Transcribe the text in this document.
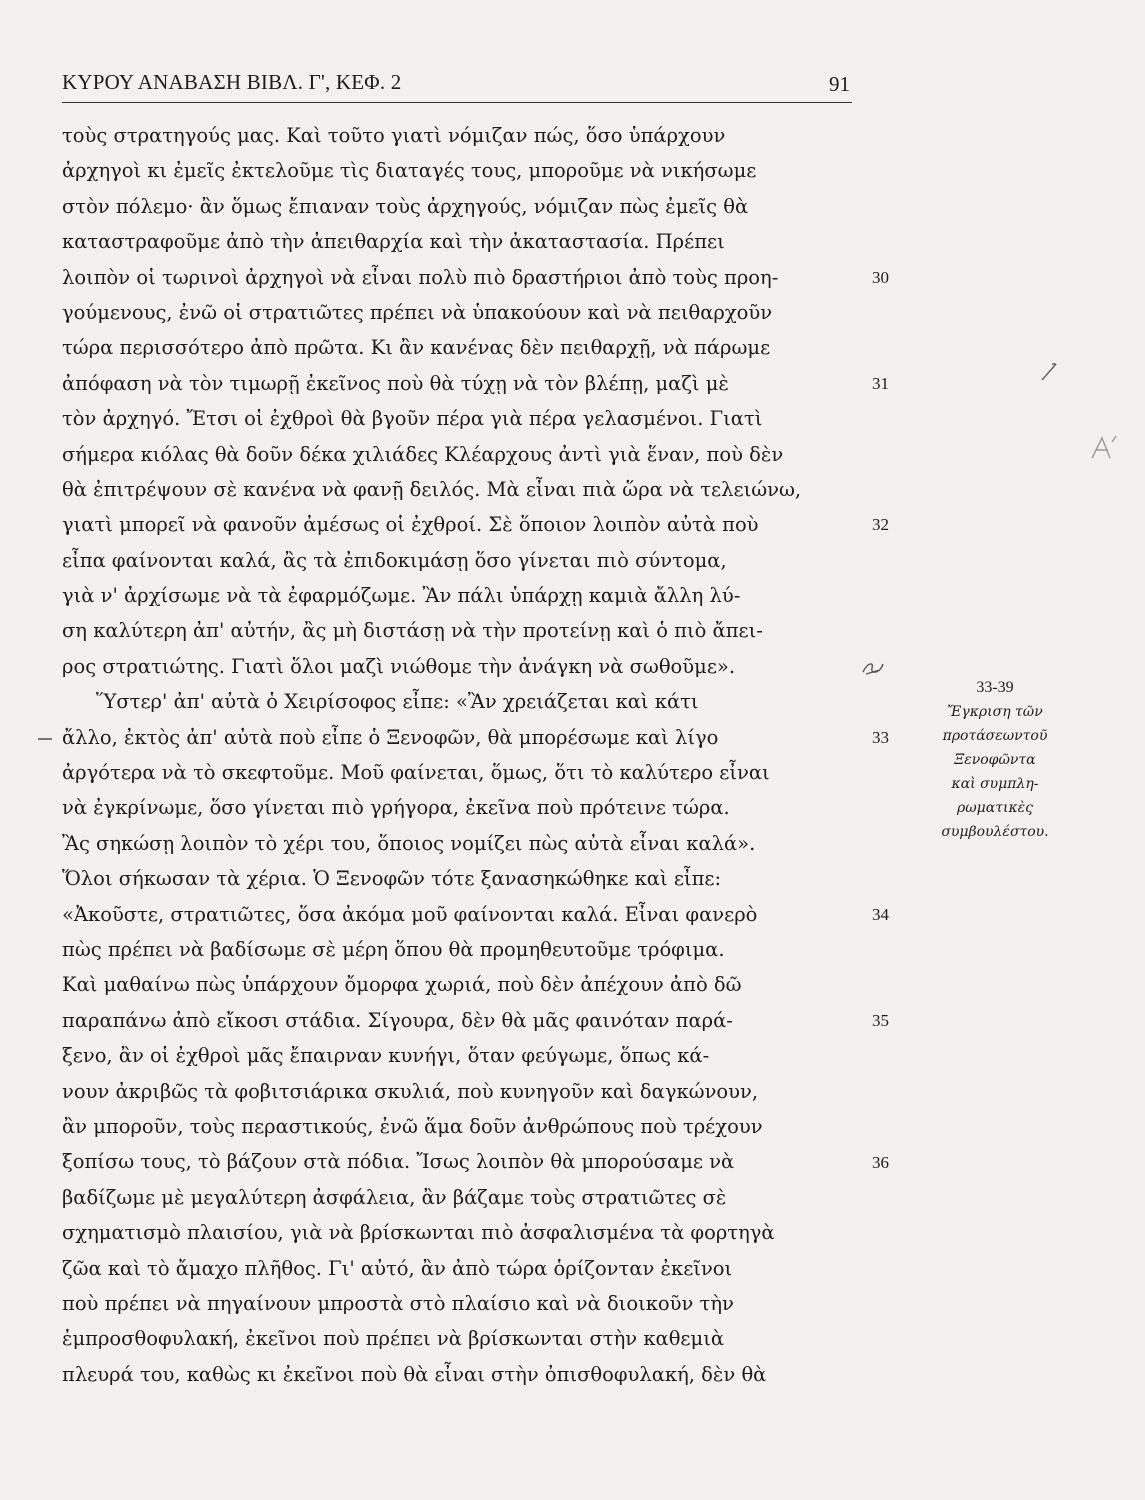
ΚΥΡΟΥ ΑΝΑΒΑΣΗ ΒΙΒΛ. Γ', ΚΕΦ. 2	91
τοὺς στρατηγούς μας. Καὶ τοῦτο γιατὶ νόμιζαν πώς, ὅσο ὑπάρχουν
ἀρχηγοὶ κι ἐμεῖς ἐκτελοῦμε τὶς διαταγές τους, μποροῦμε νὰ νικήσωμε
στὸν πόλεμο· ἂν ὅμως ἔπιαναν τοὺς ἀρχηγούς, νόμιζαν πὼς ἐμεῖς θὰ
καταστραφοῦμε ἀπὸ τὴν ἀπειθαρχία καὶ τὴν ἀκαταστασία. Πρέπει
λοιπὸν οἱ τωρινοὶ ἀρχηγοὶ νὰ εἶναι πολὺ πιὸ δραστήριοι ἀπὸ τοὺς προη-
γούμενους, ἐνῶ οἱ στρατιῶτες πρέπει νὰ ὑπακούουν καὶ νὰ πειθαρχοῦν
τώρα περισσότερο ἀπὸ πρῶτα. Κι ἂν κανένας δὲν πειθαρχῇ, νὰ πάρωμε
ἀπόφαση νὰ τὸν τιμωρῇ ἐκεῖνος ποὺ θὰ τύχῃ νὰ τὸν βλέπῃ, μαζὶ μὲ
τὸν ἀρχηγό. Ἔτσι οἱ ἐχθροὶ θὰ βγοῦν πέρα γιὰ πέρα γελασμένοι. Γιατὶ
σήμερα κιόλας θὰ δοῦν δέκα χιλιάδες Κλέαρχους ἀντὶ γιὰ ἕναν, ποὺ δὲν
θὰ ἐπιτρέψουν σὲ κανένα νὰ φανῇ δειλός. Μὰ εἶναι πιὰ ὥρα νὰ τελειώνω,
γιατὶ μπορεῖ νὰ φανοῦν ἀμέσως οἱ ἐχθροί. Σὲ ὅποιον λοιπὸν αὐτὰ ποὺ
εἶπα φαίνονται καλά, ἂς τὰ ἐπιδοκιμάσῃ ὅσο γίνεται πιὸ σύντομα,
γιὰ ν' ἀρχίσωμε νὰ τὰ ἐφαρμόζωμε. Ἂν πάλι ὑπάρχῃ καμιὰ ἄλλη λύ-
ση καλύτερη ἀπ' αὐτήν, ἂς μὴ διστάσῃ νὰ τὴν προτείνῃ καὶ ὁ πιὸ ἄπει-
ρος στρατιώτης. Γιατὶ ὅλοι μαζὶ νιώθομε τὴν ἀνάγκη νὰ σωθοῦμε».
Ὕστερ' ἀπ' αὐτὰ ὁ Χειρίσοφος εἶπε: «Ἂν χρειάζεται καὶ κάτι
ἄλλο, ἐκτὸς ἀπ' αὐτὰ ποὺ εἶπε ὁ Ξενοφῶν, θὰ μπορέσωμε καὶ λίγο
ἀργότερα νὰ τὸ σκεφτοῦμε. Μοῦ φαίνεται, ὅμως, ὅτι τὸ καλύτερο εἶναι
νὰ ἐγκρίνωμε, ὅσο γίνεται πιὸ γρήγορα, ἐκεῖνα ποὺ πρότεινε τώρα.
Ἂς σηκώσῃ λοιπὸν τὸ χέρι του, ὅποιος νομίζει πὼς αὐτὰ εἶναι καλά».
Ὅλοι σήκωσαν τὰ χέρια. Ὁ Ξενοφῶν τότε ξανασηκώθηκε καὶ εἶπε:
«Ἀκοῦστε, στρατιῶτες, ὅσα ἀκόμα μοῦ φαίνονται καλά. Εἶναι φανερὸ
πὼς πρέπει νὰ βαδίσωμε σὲ μέρη ὅπου θὰ προμηθευτοῦμε τρόφιμα.
Καὶ μαθαίνω πὼς ὑπάρχουν ὄμορφα χωριά, ποὺ δὲν ἀπέχουν ἀπὸ δῶ
παραπάνω ἀπὸ εἴκοσι στάδια. Σίγουρα, δὲν θὰ μᾶς φαινόταν παρά-
ξενο, ἂν οἱ ἐχθροὶ μᾶς ἔπαιρναν κυνήγι, ὅταν φεύγωμε, ὅπως κά-
νουν ἀκριβῶς τὰ φοβιτσιάρικα σκυλιά, ποὺ κυνηγοῦν καὶ δαγκώνουν,
ἂν μποροῦν, τοὺς περαστικούς, ἐνῶ ἅμα δοῦν ἀνθρώπους ποὺ τρέχουν
ξοπίσω τους, τὸ βάζουν στὰ πόδια. Ἴσως λοιπὸν θὰ μπορούσαμε νὰ
βαδίζωμε μὲ μεγαλύτερη ἀσφάλεια, ἂν βάζαμε τοὺς στρατιῶτες σὲ
σχηματισμὸ πλαισίου, γιὰ νὰ βρίσκωνται πιὸ ἀσφαλισμένα τὰ φορτηγὰ
ζῶα καὶ τὸ ἄμαχο πλῆθος. Γι' αὐτό, ἂν ἀπὸ τώρα ὁρίζονταν ἐκεῖνοι
ποὺ πρέπει νὰ πηγαίνουν μπροστὰ στὸ πλαίσιο καὶ νὰ διοικοῦν τὴν
ἐμπροσθοφυλακή, ἐκεῖνοι ποὺ πρέπει νὰ βρίσκωνται στὴν καθεμιὰ
πλευρά του, καθὼς κι ἐκεῖνοι ποὺ θὰ εἶναι στὴν ὀπισθοφυλακή, δὲν θὰ
30
31
32
33
34
35
36
33-39
Ἔγκριση τῶν
προτάσεωντοῦ
Ξενοφῶντα
καὶ συμπλη-
ρωματικὲς
συμβουλέστου.
